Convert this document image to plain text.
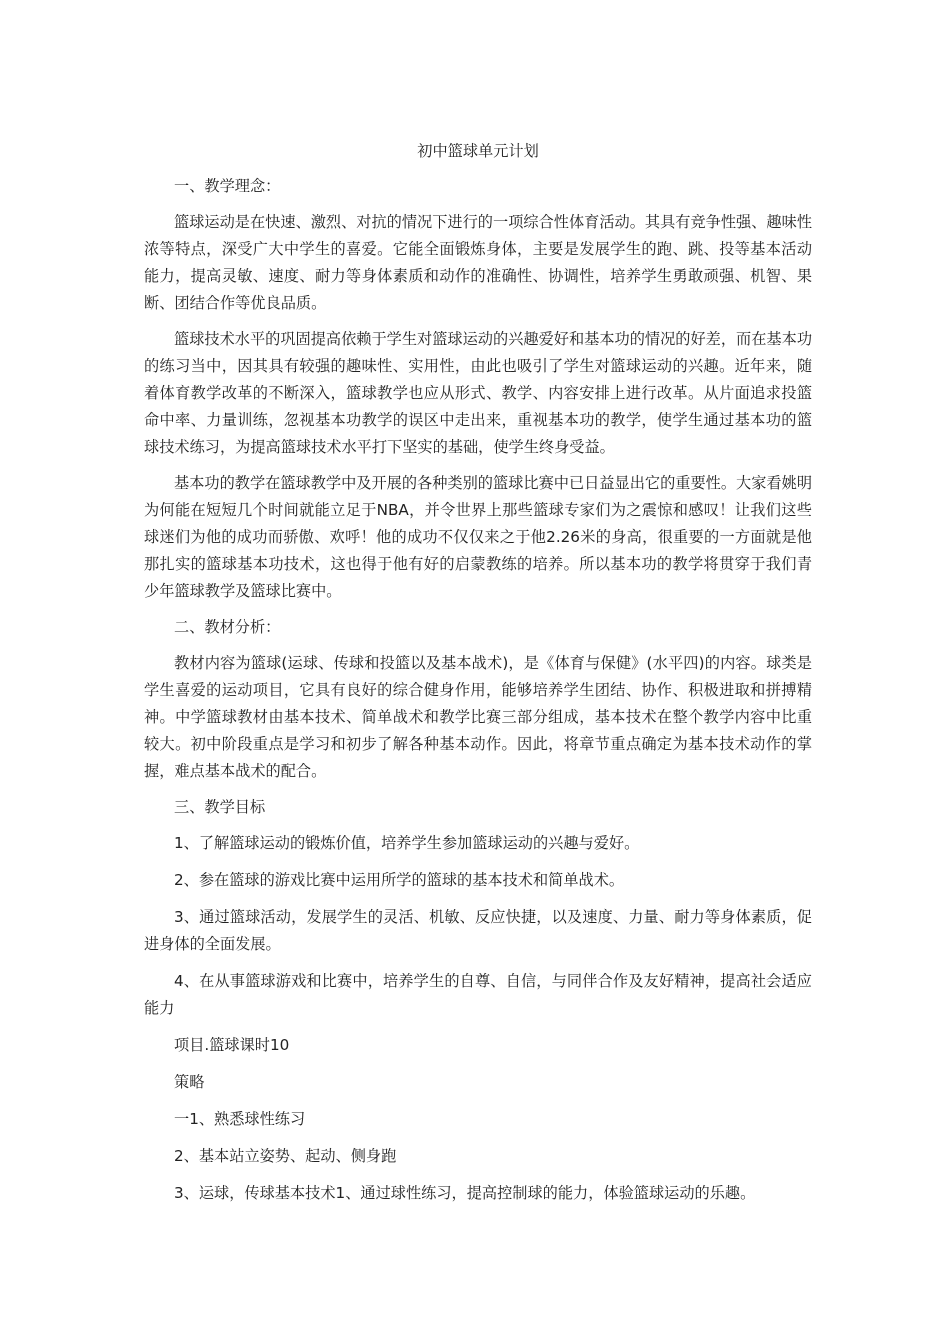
初中篮球单元计划
一、教学理念：

篮球运动是在快速、激烈、对抗的情况下进行的一项综合性体育活动。其具有竞争性强、趣味性浓等特点，深受广大中学生的喜爱。它能全面锻炼身体，主要是发展学生的跑、跳、投等基本活动能力，提高灵敏、速度、耐力等身体素质和动作的准确性、协调性，培养学生勇敢顽强、机智、果断、团结合作等优良品质。

篮球技术水平的巩固提高依赖于学生对篮球运动的兴趣爱好和基本功的情况的好差，而在基本功的练习当中，因其具有较强的趣味性、实用性，由此也吸引了学生对篮球运动的兴趣。近年来，随着体育教学改革的不断深入，篮球教学也应从形式、教学、内容安排上进行改革。从片面追求投篮命中率、力量训练，忽视基本功教学的误区中走出来，重视基本功的教学，使学生通过基本功的篮球技术练习，为提高篮球技术水平打下坚实的基础，使学生终身受益。

基本功的教学在篮球教学中及开展的各种类别的篮球比赛中已日益显出它的重要性。大家看姚明为何能在短短几个时间就能立足于NBA，并令世界上那些篮球专家们为之震惊和感叹！让我们这些球迷们为他的成功而骄傲、欢呼！他的成功不仅仅来之于他2.26米的身高，很重要的一方面就是他那扎实的篮球基本功技术，这也得于他有好的启蒙教练的培养。所以基本功的教学将贯穿于我们青少年篮球教学及篮球比赛中。

二、教材分析：

教材内容为篮球(运球、传球和投篮以及基本战术)，是《体育与保健》(水平四)的内容。球类是学生喜爱的运动项目，它具有良好的综合健身作用，能够培养学生团结、协作、积极进取和拼搏精神。中学篮球教材由基本技术、简单战术和教学比赛三部分组成，基本技术在整个教学内容中比重较大。初中阶段重点是学习和初步了解各种基本动作。因此，将章节重点确定为基本技术动作的掌握，难点基本战术的配合。

三、教学目标

1、了解篮球运动的锻炼价值，培养学生参加篮球运动的兴趣与爱好。

2、参在篮球的游戏比赛中运用所学的篮球的基本技术和简单战术。

3、通过篮球活动，发展学生的灵活、机敏、反应快捷，以及速度、力量、耐力等身体素质，促进身体的全面发展。

4、在从事篮球游戏和比赛中，培养学生的自尊、自信，与同伴合作及友好精神，提高社会适应能力

项目.篮球课时10
策略
一1、熟悉球性练习
2、基本站立姿势、起动、侧身跑
3、运球，传球基本技术1、通过球性练习，提高控制球的能力，体验篮球运动的乐趣。
